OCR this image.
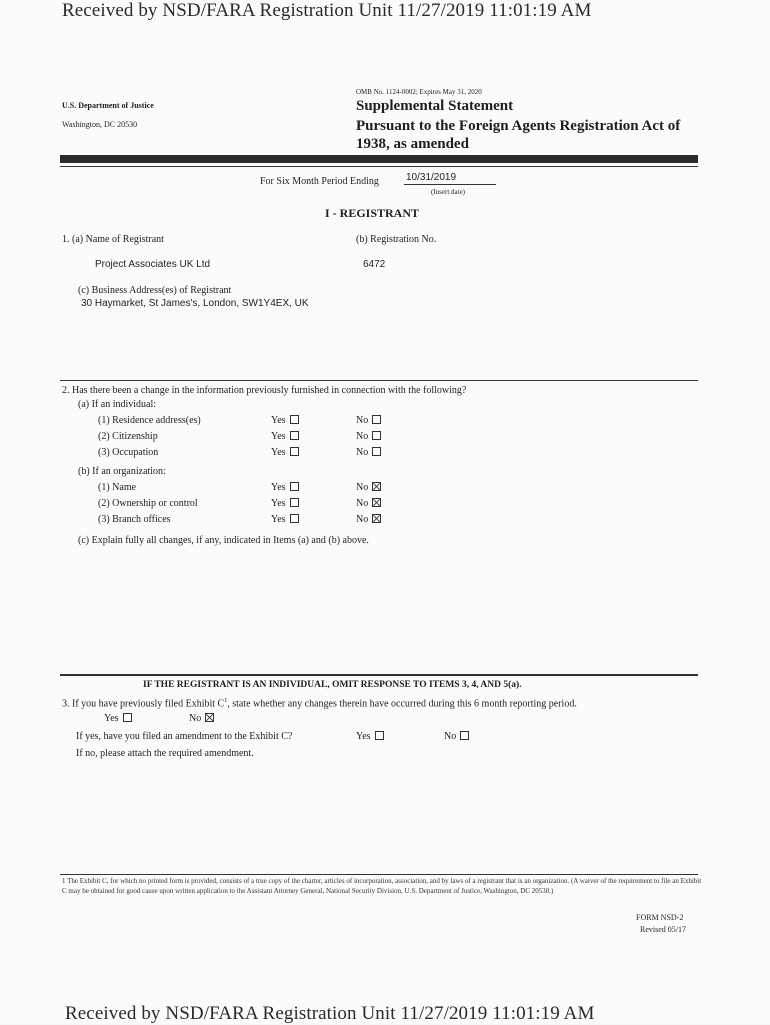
Received by NSD/FARA Registration Unit 11/27/2019 11:01:19 AM
U.S. Department of Justice
Washington, DC 20530
OMB No. 1124-0002; Expires May 31, 2020
Supplemental Statement
Pursuant to the Foreign Agents Registration Act of
1938, as amended
For Six Month Period Ending	10/31/2019
(Insert date)
I - REGISTRANT
1. (a) Name of Registrant	(b) Registration No.
Project Associates UK Ltd	6472
(c) Business Address(es) of Registrant
30 Haymarket, St James's, London, SW1Y4EX, UK
2. Has there been a change in the information previously furnished in connection with the following?
(a) If an individual:
(1) Residence address(es)	Yes	No
(2) Citizenship	Yes	No
(3) Occupation	Yes	No
(b) If an organization:
(1) Name	Yes	No
(2) Ownership or control	Yes	No
(3) Branch offices	Yes	No
(c) Explain fully all changes, if any, indicated in Items (a) and (b) above.
IF THE REGISTRANT IS AN INDIVIDUAL, OMIT RESPONSE TO ITEMS 3, 4, AND 5(a).
3. If you have previously filed Exhibit $C^1$, state whether any changes therein have occurred during this 6 month reporting period.
Yes	No
If yes, have you filed an amendment to the Exhibit C?	Yes	No
If no, please attach the required amendment.
1 The Exhibit C, for which no printed form is provided, consists of a true copy of the charter, articles of incorporation, association, and by laws of a registrant that is an organization. (A waiver of the requirement to file an Exhibit C may be obtained for good cause upon written application to the Assistant Attorney General, National Security Division, U.S. Department of Justice, Washington, DC 20530.)
FORM NSD-2
Revised 05/17
Received by NSD/FARA Registration Unit 11/27/2019 11:01:19 AM
